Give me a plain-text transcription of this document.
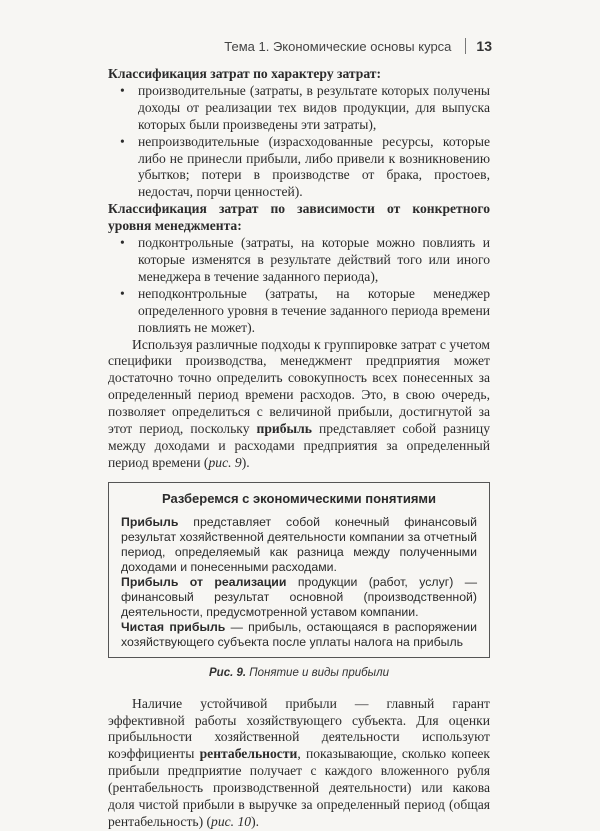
Тема 1. Экономические основы курса 13

Классификация затрат по характеру затрат:

• производительные (затраты, в результате которых получены доходы от реализации тех видов продукции, для выпуска которых были произведены эти затраты),
• непроизводительные (израсходованные ресурсы, которые либо не принесли прибыли, либо привели к возникновению убытков; потери в производстве от брака, простоев, недостач, порчи ценностей).

Классификация затрат по зависимости от конкретного уровня менеджмента:

• подконтрольные (затраты, на которые можно повлиять и которые изменятся в результате действий того или иного менеджера в течение заданного периода),
• неподконтрольные (затраты, на которые менеджер определенного уровня в течение заданного периода времени повлиять не может).

Используя различные подходы к группировке затрат с учетом специфики производства, менеджмент предприятия может достаточно точно определить совокупность всех понесенных за определенный период времени расходов. Это, в свою очередь, позволяет определиться с величиной прибыли, достигнутой за этот период, поскольку прибыль представляет собой разницу между доходами и расходами предприятия за определенный период времени (рис. 9).

Разберемся с экономическими понятиями

Прибыль представляет собой конечный финансовый результат хозяйственной деятельности компании за отчетный период, определяемый как разница между полученными доходами и понесенными расходами.

Прибыль от реализации продукции (работ, услуг) — финансовый результат основной (производственной) деятельности, предусмотренной уставом компании.

Чистая прибыль — прибыль, остающаяся в распоряжении хозяйствующего субъекта после уплаты налога на прибыль

Рис. 9. Понятие и виды прибыли

Наличие устойчивой прибыли — главный гарант эффективной работы хозяйствующего субъекта. Для оценки прибыльности хозяйственной деятельности используют коэффициенты рентабельности, показывающие, сколько копеек прибыли предприятие получает с каждого вложенного рубля (рентабельность производственной деятельности) или какова доля чистой прибыли в выручке за определенный период (общая рентабельность) (рис. 10).
